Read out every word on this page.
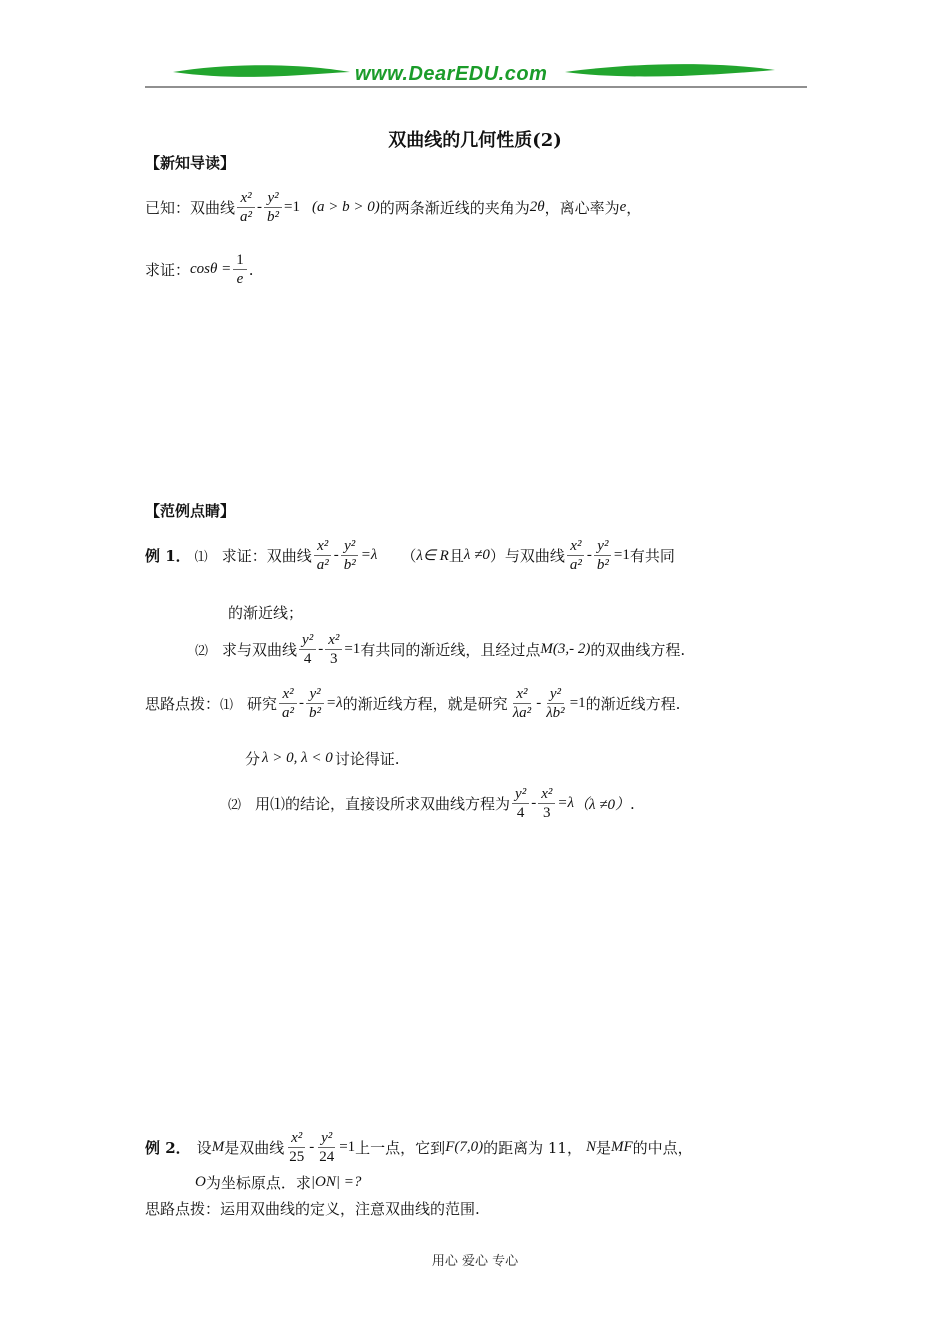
www.DearEDU.com
双曲线的几何性质(2)
【新知导读】
已知：双曲线 $\frac{\text{x²}}{\text{a²}} - \frac{\text{y²}}{\text{b²}} =1$ (a > b > 0) 的两条渐近线的夹角为 2θ ，离心率为 e ，
求证： $\cos\theta = \frac{1}{e}$ .
【范例点睛】
例 1． ⑴ 求证：双曲线 $\frac{\text{x²}}{\text{a²}} - \frac{\text{y²}}{\text{b²}} =\lambda$ （ λ∈ R 且 λ ≠0 ） 与双曲线 $\frac{\text{x²}}{\text{a²}} - \frac{\text{y²}}{\text{b²}} =1$ 有共同
的渐近线；
⑵ 求与双曲线 $\frac{\text{y²}}{4} - \frac{\text{x²}}{3} =1$ 有共同的渐近线，且经过点 M(3,- 2) 的双曲线方程.
思路点拨： ⑴ 研究 $\frac{\text{x²}}{\text{a²}} - \frac{\text{y²}}{\text{b²}} =\lambda$ 的渐近线方程，就是研究 $\frac{\text{x²}}{\text{λa²}} - \frac{\text{y²}}{\text{λb²}} =1$ 的渐近线方程.
分 λ > 0, λ < 0 讨论得证.
⑵ 用⑴的结论，直接设所求双曲线方程为 $\frac{\text{y²}}{4} - \frac{\text{x²}}{3} =\lambda$ （λ ≠0） .
例 2． 设 M 是双曲线 $\frac{\text{x²}}{25} - \frac{\text{y²}}{24} =1$ 上一点，它到 F(7,0) 的距离为 11， N 是 MF 的中点，
O 为坐标原点．求 |ON| =?
思路点拨：运用双曲线的定义，注意双曲线的范围.
用心 爱心 专心
